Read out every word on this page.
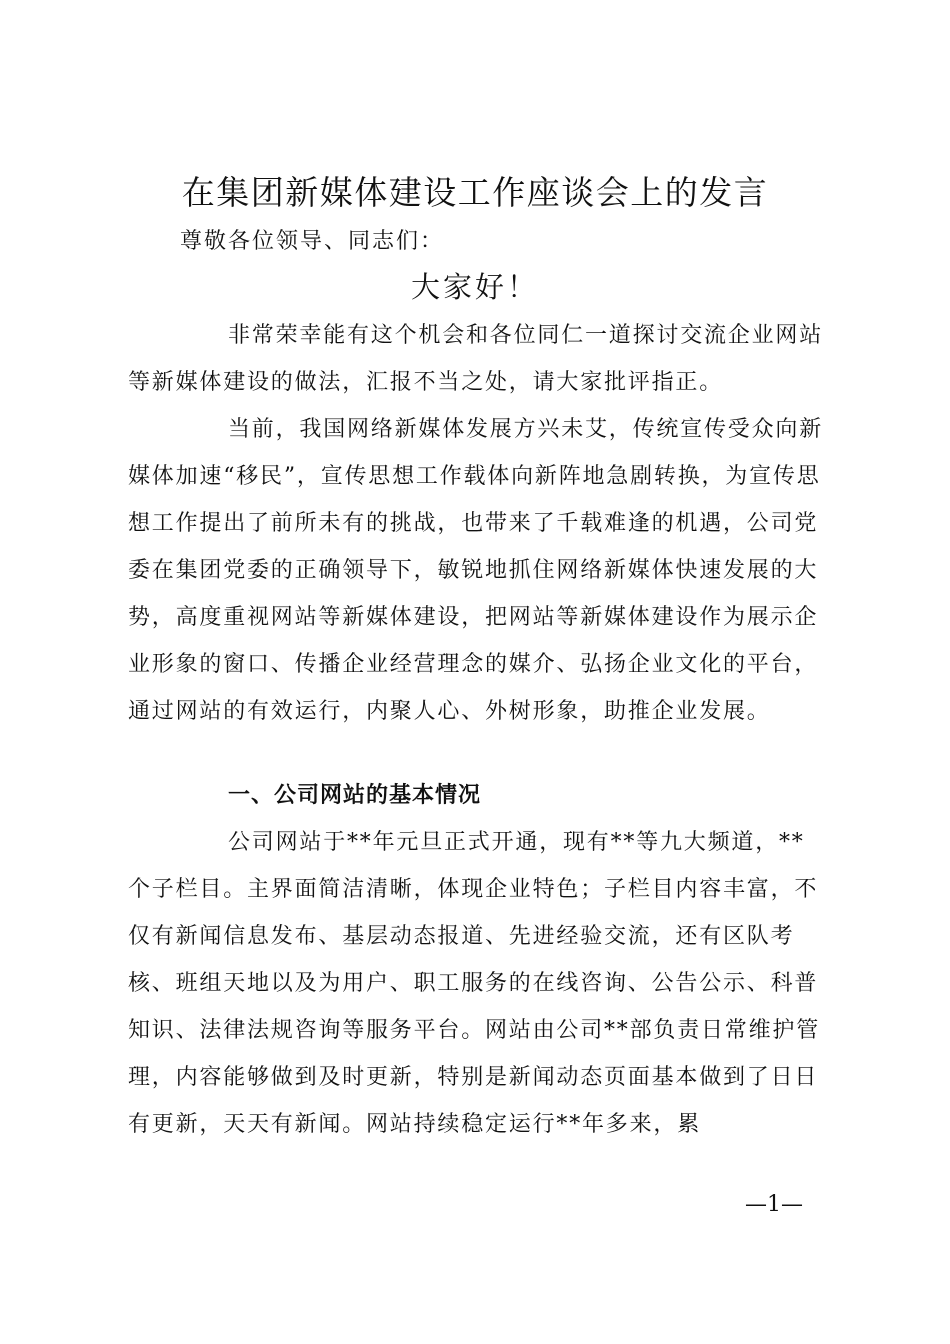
在集团新媒体建设工作座谈会上的发言
尊敬各位领导、同志们：
大家好！

非常荣幸能有这个机会和各位同仁一道探讨交流企业网站等新媒体建设的做法，汇报不当之处，请大家批评指正。

当前，我国网络新媒体发展方兴未艾，传统宣传受众向新媒体加速“移民”，宣传思想工作载体向新阵地急剧转换，为宣传思想工作提出了前所未有的挑战，也带来了千载难逢的机遇，公司党委在集团党委的正确领导下，敏锐地抓住网络新媒体快速发展的大势，高度重视网站等新媒体建设，把网站等新媒体建设作为展示企业形象的窗口、传播企业经营理念的媒介、弘扬企业文化的平台，通过网站的有效运行，内聚人心、外树形象，助推企业发展。

一、公司网站的基本情况

公司网站于**年元旦正式开通，现有**等九大频道，**个子栏目。主界面简洁清晰，体现企业特色；子栏目内容丰富，不仅有新闻信息发布、基层动态报道、先进经验交流，还有区队考核、班组天地以及为用户、职工服务的在线咨询、公告公示、科普知识、法律法规咨询等服务平台。网站由公司**部负责日常维护管理，内容能够做到及时更新，特别是新闻动态页面基本做到了日日有更新，天天有新闻。网站持续稳定运行**年多来，累

—1—
